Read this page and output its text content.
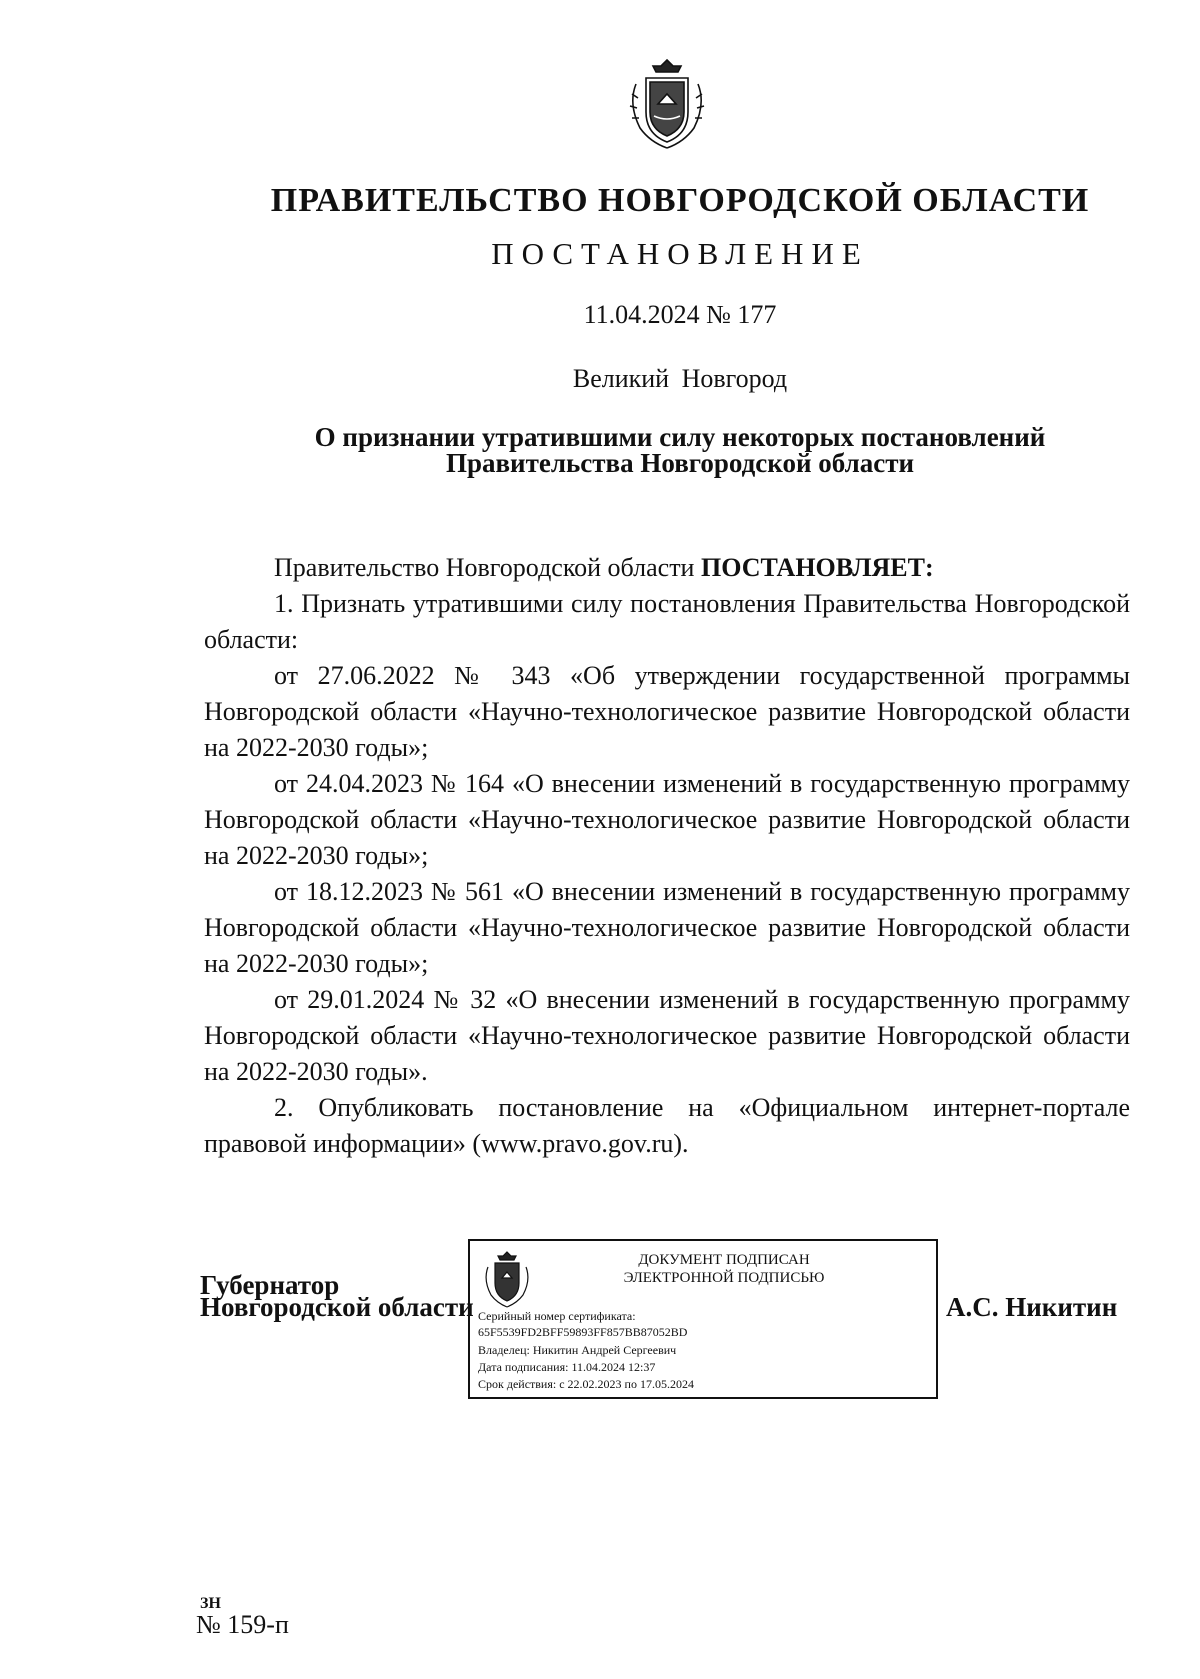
ПРАВИТЕЛЬСТВО НОВГОРОДСКОЙ ОБЛАСТИ
ПОСТАНОВЛЕНИЕ
11.04.2024 № 177
Великий Новгород
О признании утратившими силу некоторых постановлений
Правительства Новгородской области

Правительство Новгородской области ПОСТАНОВЛЯЕТ:

1. Признать утратившими силу постановления Правительства Новгородской области:

от 27.06.2022 № 343 «Об утверждении государственной программы Новгородской области «Научно-технологическое развитие Новгородской области на 2022-2030 годы»;

от 24.04.2023 № 164 «О внесении изменений в государственную программу Новгородской области «Научно-технологическое развитие Новгородской области на 2022-2030 годы»;

от 18.12.2023 № 561 «О внесении изменений в государственную программу Новгородской области «Научно-технологическое развитие Новгородской области на 2022-2030 годы»;

от 29.01.2024 № 32 «О внесении изменений в государственную программу Новгородской области «Научно-технологическое развитие Новгородской области на 2022-2030 годы».

2. Опубликовать постановление на «Официальном интернет-портале правовой информации» (www.pravo.gov.ru).

Губернатор
Новгородской области
ДОКУМЕНТ ПОДПИСАН
ЭЛЕКТРОННОЙ ПОДПИСЬЮ
Серийный номер сертификата:
65F5539FD2BFF59893FF857BB87052BD
Владелец: Никитин Андрей Сергеевич
Дата подписания: 11.04.2024 12:37
Срок действия: с 22.02.2023 по 17.05.2024
А.С. Никитин
ЗН
№ 159-п
